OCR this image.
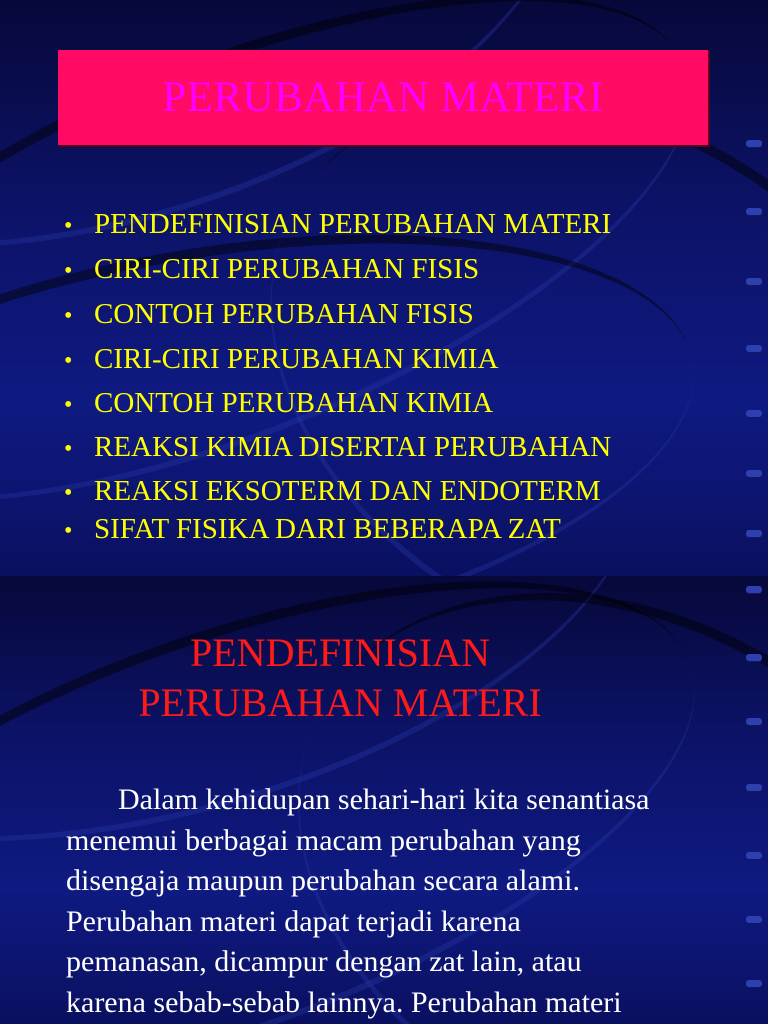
PERUBAHAN MATERI
• PENDEFINISIAN PERUBAHAN MATERI
• CIRI-CIRI PERUBAHAN FISIS
• CONTOH PERUBAHAN FISIS
• CIRI-CIRI PERUBAHAN KIMIA
• CONTOH PERUBAHAN KIMIA
• REAKSI KIMIA DISERTAI PERUBAHAN
• REAKSI EKSOTERM DAN ENDOTERM
• SIFAT FISIKA DARI BEBERAPA ZAT
PENDEFINISIAN
PERUBAHAN MATERI
Dalam kehidupan sehari-hari kita senantiasa
menemui berbagai macam perubahan yang
disengaja maupun perubahan secara alami.
Perubahan materi dapat terjadi karena
pemanasan, dicampur dengan zat lain, atau
karena sebab-sebab lainnya. Perubahan materi
